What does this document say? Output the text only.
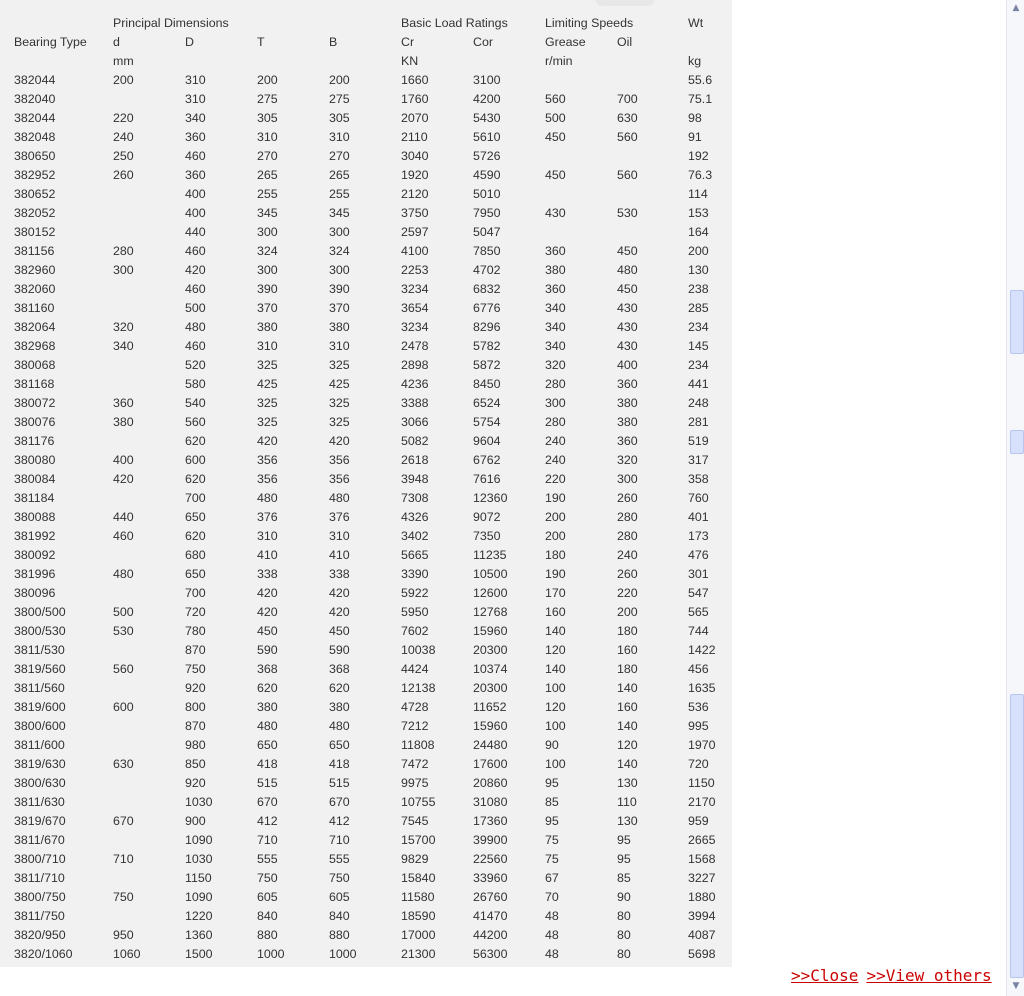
	Principal Dimensions				Basic Load Ratings		Limiting Speeds		Wt
Bearing Type	d	D	T	B	Cr	Cor	Grease	Oil	
	mm				KN		r/min		kg
382044	200	310	200	200	1660	3100			55.6
382040		310	275	275	1760	4200	560	700	75.1
382044	220	340	305	305	2070	5430	500	630	98
382048	240	360	310	310	2110	5610	450	560	91
380650	250	460	270	270	3040	5726			192
382952	260	360	265	265	1920	4590	450	560	76.3
380652		400	255	255	2120	5010			114
382052		400	345	345	3750	7950	430	530	153
380152		440	300	300	2597	5047			164
381156	280	460	324	324	4100	7850	360	450	200
382960	300	420	300	300	2253	4702	380	480	130
382060		460	390	390	3234	6832	360	450	238
381160		500	370	370	3654	6776	340	430	285
382064	320	480	380	380	3234	8296	340	430	234
382968	340	460	310	310	2478	5782	340	430	145
380068		520	325	325	2898	5872	320	400	234
381168		580	425	425	4236	8450	280	360	441
380072	360	540	325	325	3388	6524	300	380	248
380076	380	560	325	325	3066	5754	280	380	281
381176		620	420	420	5082	9604	240	360	519
380080	400	600	356	356	2618	6762	240	320	317
380084	420	620	356	356	3948	7616	220	300	358
381184		700	480	480	7308	12360	190	260	760
380088	440	650	376	376	4326	9072	200	280	401
381992	460	620	310	310	3402	7350	200	280	173
380092		680	410	410	5665	11235	180	240	476
381996	480	650	338	338	3390	10500	190	260	301
380096		700	420	420	5922	12600	170	220	547
3800/500	500	720	420	420	5950	12768	160	200	565
3800/530	530	780	450	450	7602	15960	140	180	744
3811/530		870	590	590	10038	20300	120	160	1422
3819/560	560	750	368	368	4424	10374	140	180	456
3811/560		920	620	620	12138	20300	100	140	1635
3819/600	600	800	380	380	4728	11652	120	160	536
3800/600		870	480	480	7212	15960	100	140	995
3811/600		980	650	650	11808	24480	90	120	1970
3819/630	630	850	418	418	7472	17600	100	140	720
3800/630		920	515	515	9975	20860	95	130	1150
3811/630		1030	670	670	10755	31080	85	110	2170
3819/670	670	900	412	412	7545	17360	95	130	959
3811/670		1090	710	710	15700	39900	75	95	2665
3800/710	710	1030	555	555	9829	22560	75	95	1568
3811/710		1150	750	750	15840	33960	67	85	3227
3800/750	750	1090	605	605	11580	26760	70	90	1880
3811/750		1220	840	840	18590	41470	48	80	3994
3820/950	950	1360	880	880	17000	44200	48	80	4087
3820/1060	1060	1500	1000	1000	21300	56300	48	80	5698
▲
▼
>>Close >>View others
